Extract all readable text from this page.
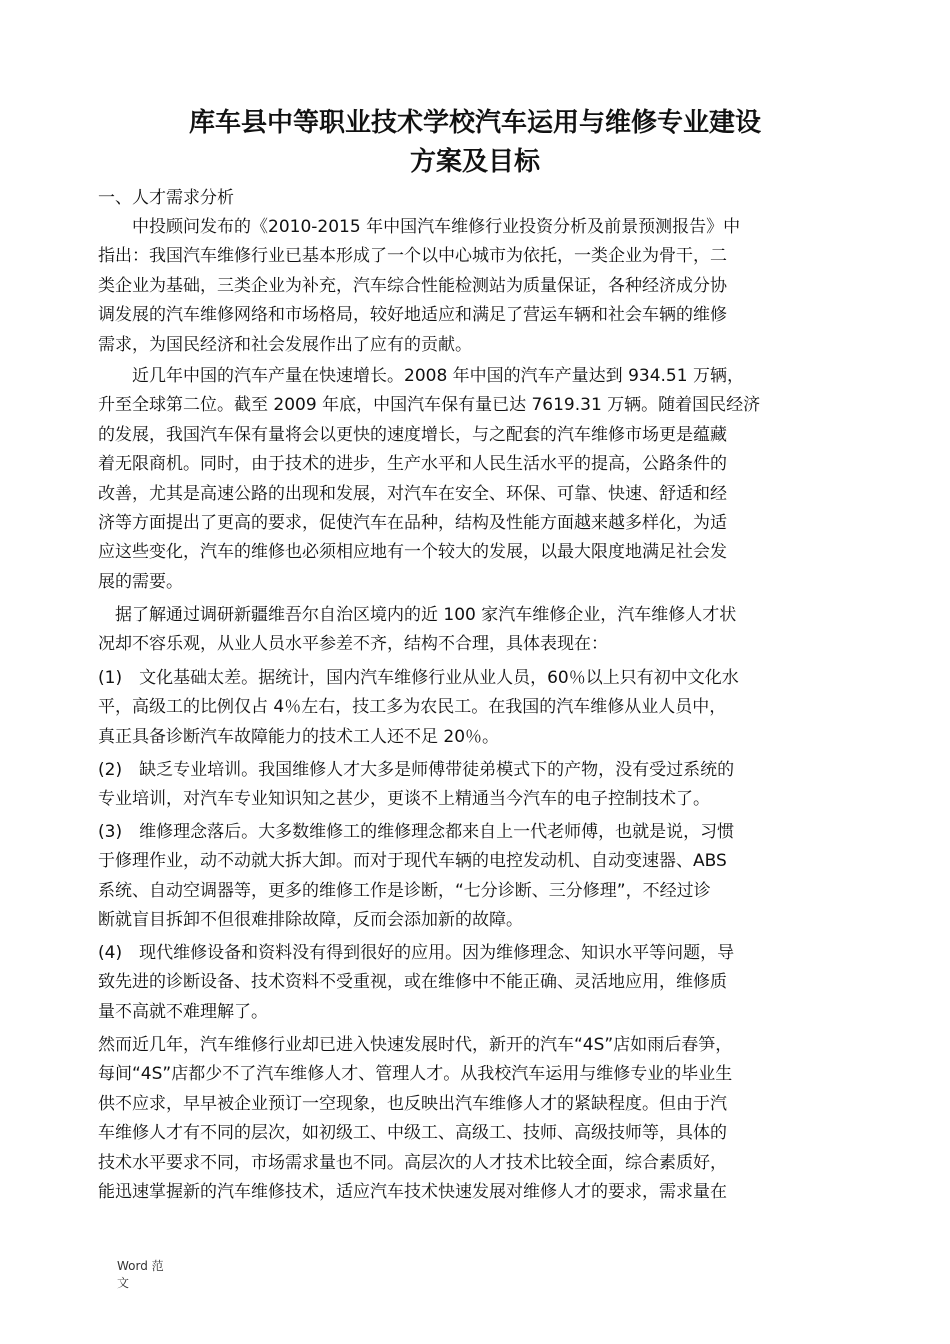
库车县中等职业技术学校汽车运用与维修专业建设
方案及目标
一、人才需求分析
　　中投顾问发布的《2010-2015 年中国汽车维修行业投资分析及前景预测报告》中
指出：我国汽车维修行业已基本形成了一个以中心城市为依托，一类企业为骨干，二
类企业为基础，三类企业为补充，汽车综合性能检测站为质量保证，各种经济成分协
调发展的汽车维修网络和市场格局，较好地适应和满足了营运车辆和社会车辆的维修
需求，为国民经济和社会发展作出了应有的贡献。
　　近几年中国的汽车产量在快速增长。2008 年中国的汽车产量达到 934.51 万辆，
升至全球第二位。截至 2009 年底，中国汽车保有量已达 7619.31 万辆。随着国民经济
的发展，我国汽车保有量将会以更快的速度增长，与之配套的汽车维修市场更是蕴藏
着无限商机。同时，由于技术的进步，生产水平和人民生活水平的提高，公路条件的
改善，尤其是高速公路的出现和发展，对汽车在安全、环保、可靠、快速、舒适和经
济等方面提出了更高的要求，促使汽车在品种，结构及性能方面越来越多样化，为适
应这些变化，汽车的维修也必须相应地有一个较大的发展，以最大限度地满足社会发
展的需要。
　据了解通过调研新疆维吾尔自治区境内的近 100 家汽车维修企业，汽车维修人才状
况却不容乐观，从业人员水平参差不齐，结构不合理，具体表现在：
(1)　文化基础太差。据统计，国内汽车维修行业从业人员，60％以上只有初中文化水
平，高级工的比例仅占 4％左右，技工多为农民工。在我国的汽车维修从业人员中，
真正具备诊断汽车故障能力的技术工人还不足 20％。
(2)　缺乏专业培训。我国维修人才大多是师傅带徒弟模式下的产物，没有受过系统的
专业培训，对汽车专业知识知之甚少，更谈不上精通当今汽车的电子控制技术了。
(3)　维修理念落后。大多数维修工的维修理念都来自上一代老师傅，也就是说，习惯
于修理作业，动不动就大拆大卸。而对于现代车辆的电控发动机、自动变速器、ABS
系统、自动空调器等，更多的维修工作是诊断，“七分诊断、三分修理”，不经过诊
断就盲目拆卸不但很难排除故障，反而会添加新的故障。
(4)　现代维修设备和资料没有得到很好的应用。因为维修理念、知识水平等问题，导
致先进的诊断设备、技术资料不受重视，或在维修中不能正确、灵活地应用，维修质
量不高就不难理解了。
然而近几年，汽车维修行业却已进入快速发展时代，新开的汽车“4S”店如雨后春笋，
每间“4S”店都少不了汽车维修人才、管理人才。从我校汽车运用与维修专业的毕业生
供不应求，早早被企业预订一空现象，也反映出汽车维修人才的紧缺程度。但由于汽
车维修人才有不同的层次，如初级工、中级工、高级工、技师、高级技师等，具体的
技术水平要求不同，市场需求量也不同。高层次的人才技术比较全面，综合素质好，
能迅速掌握新的汽车维修技术，适应汽车技术快速发展对维修人才的要求，需求量在
Word 范
文
